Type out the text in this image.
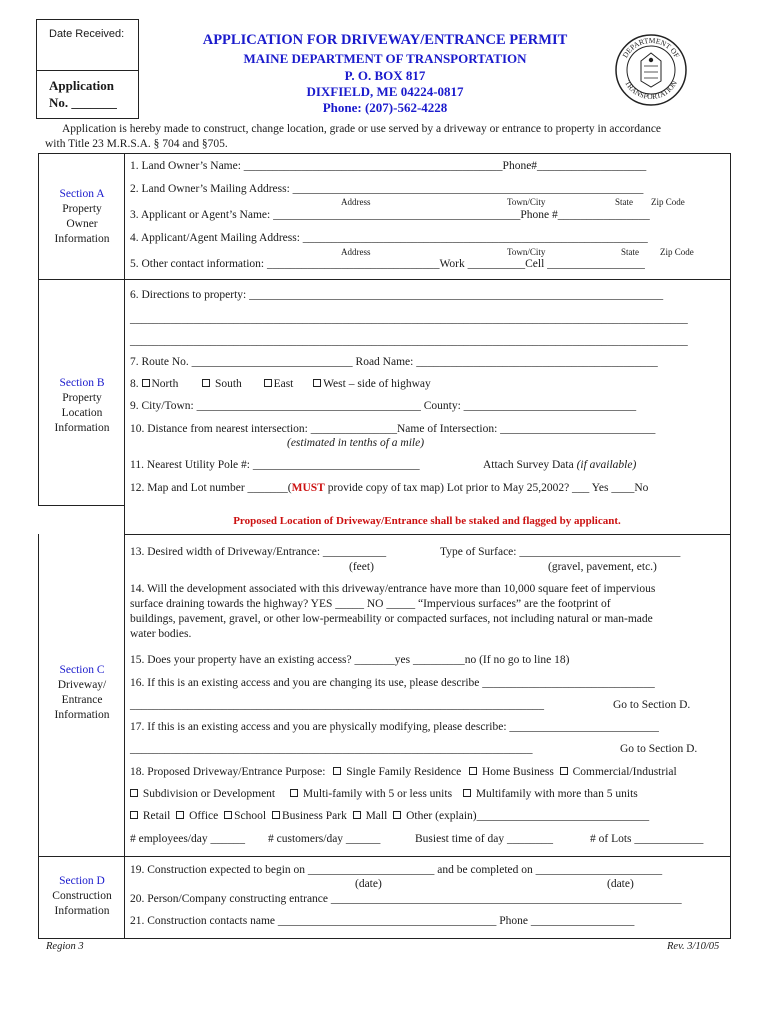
Date Received:
Application
No. _______
APPLICATION FOR DRIVEWAY/ENTRANCE PERMIT
MAINE DEPARTMENT OF TRANSPORTATION
P. O. BOX 817
DIXFIELD, ME 04224-0817
Phone: (207)-562-4228
DEPARTMENT OF
TRANSPORTATION
Application is hereby made to construct, change location, grade or use served by a driveway or entrance to property in accordance
with Title 23 M.R.S.A. § 704 and §705.
Section A
Property
Owner
Information
1. Land Owner’s Name: _____________________________________________Phone#___________________
2. Land Owner’s Mailing Address: _____________________________________________________________
Address	Town/City	State Zip Code
3. Applicant or Agent’s Name: ___________________________________________Phone #________________
4. Applicant/Agent Mailing Address: ____________________________________________________________
Address	Town/City	State Zip Code
5. Other contact information: ______________________________Work __________Cell _________________
Section B
Property
Location
Information
6. Directions to property: ________________________________________________________________________
_________________________________________________________________________________________________
_________________________________________________________________________________________________
7. Route No. ____________________________ Road Name: __________________________________________
8. North	South	East	West – side of highway
9. City/Town: _______________________________________ County: ______________________________
10. Distance from nearest intersection: _______________Name of Intersection: ___________________________
(estimated in tenths of a mile)
11. Nearest Utility Pole #: _____________________________	Attach Survey Data (if available)
12. Map and Lot number _______(MUST provide copy of tax map) Lot prior to May 25,2002? ___ Yes ____No
Proposed Location of Driveway/Entrance shall be staked and flagged by applicant.
Section C
Driveway/
Entrance
Information
13. Desired width of Driveway/Entrance: ___________	Type of Surface: ____________________________
(feet)	(gravel, pavement, etc.)
14. Will the development associated with this driveway/entrance have more than 10,000 square feet of impervious
surface draining towards the highway? YES _____ NO _____ “Impervious surfaces” are the footprint of
buildings, pavement, gravel, or other low-permeability or compacted surfaces, not including natural or man-made
water bodies.
15. Does your property have an existing access? _______yes _________no (If no go to line 18)
16. If this is an existing access and you are changing its use, please describe ______________________________
________________________________________________________________________	Go to Section D.
17. If this is an existing access and you are physically modifying, please describe: __________________________
______________________________________________________________________	Go to Section D.
18. Proposed Driveway/Entrance Purpose: Single Family Residence Home Business Commercial/Industrial
Subdivision or Development Multi-family with 5 or less units Multifamily with more than 5 units
Retail Office School Business Park Mall Other (explain)______________________________
# employees/day ______ # customers/day ______	Busiest time of day ________	# of Lots ____________
Section D
Construction
Information
19. Construction expected to begin on ______________________ and be completed on ______________________
(date)	(date)
20. Person/Company constructing entrance _____________________________________________________________
21. Construction contacts name ______________________________________ Phone __________________
Region 3	Rev. 3/10/05
